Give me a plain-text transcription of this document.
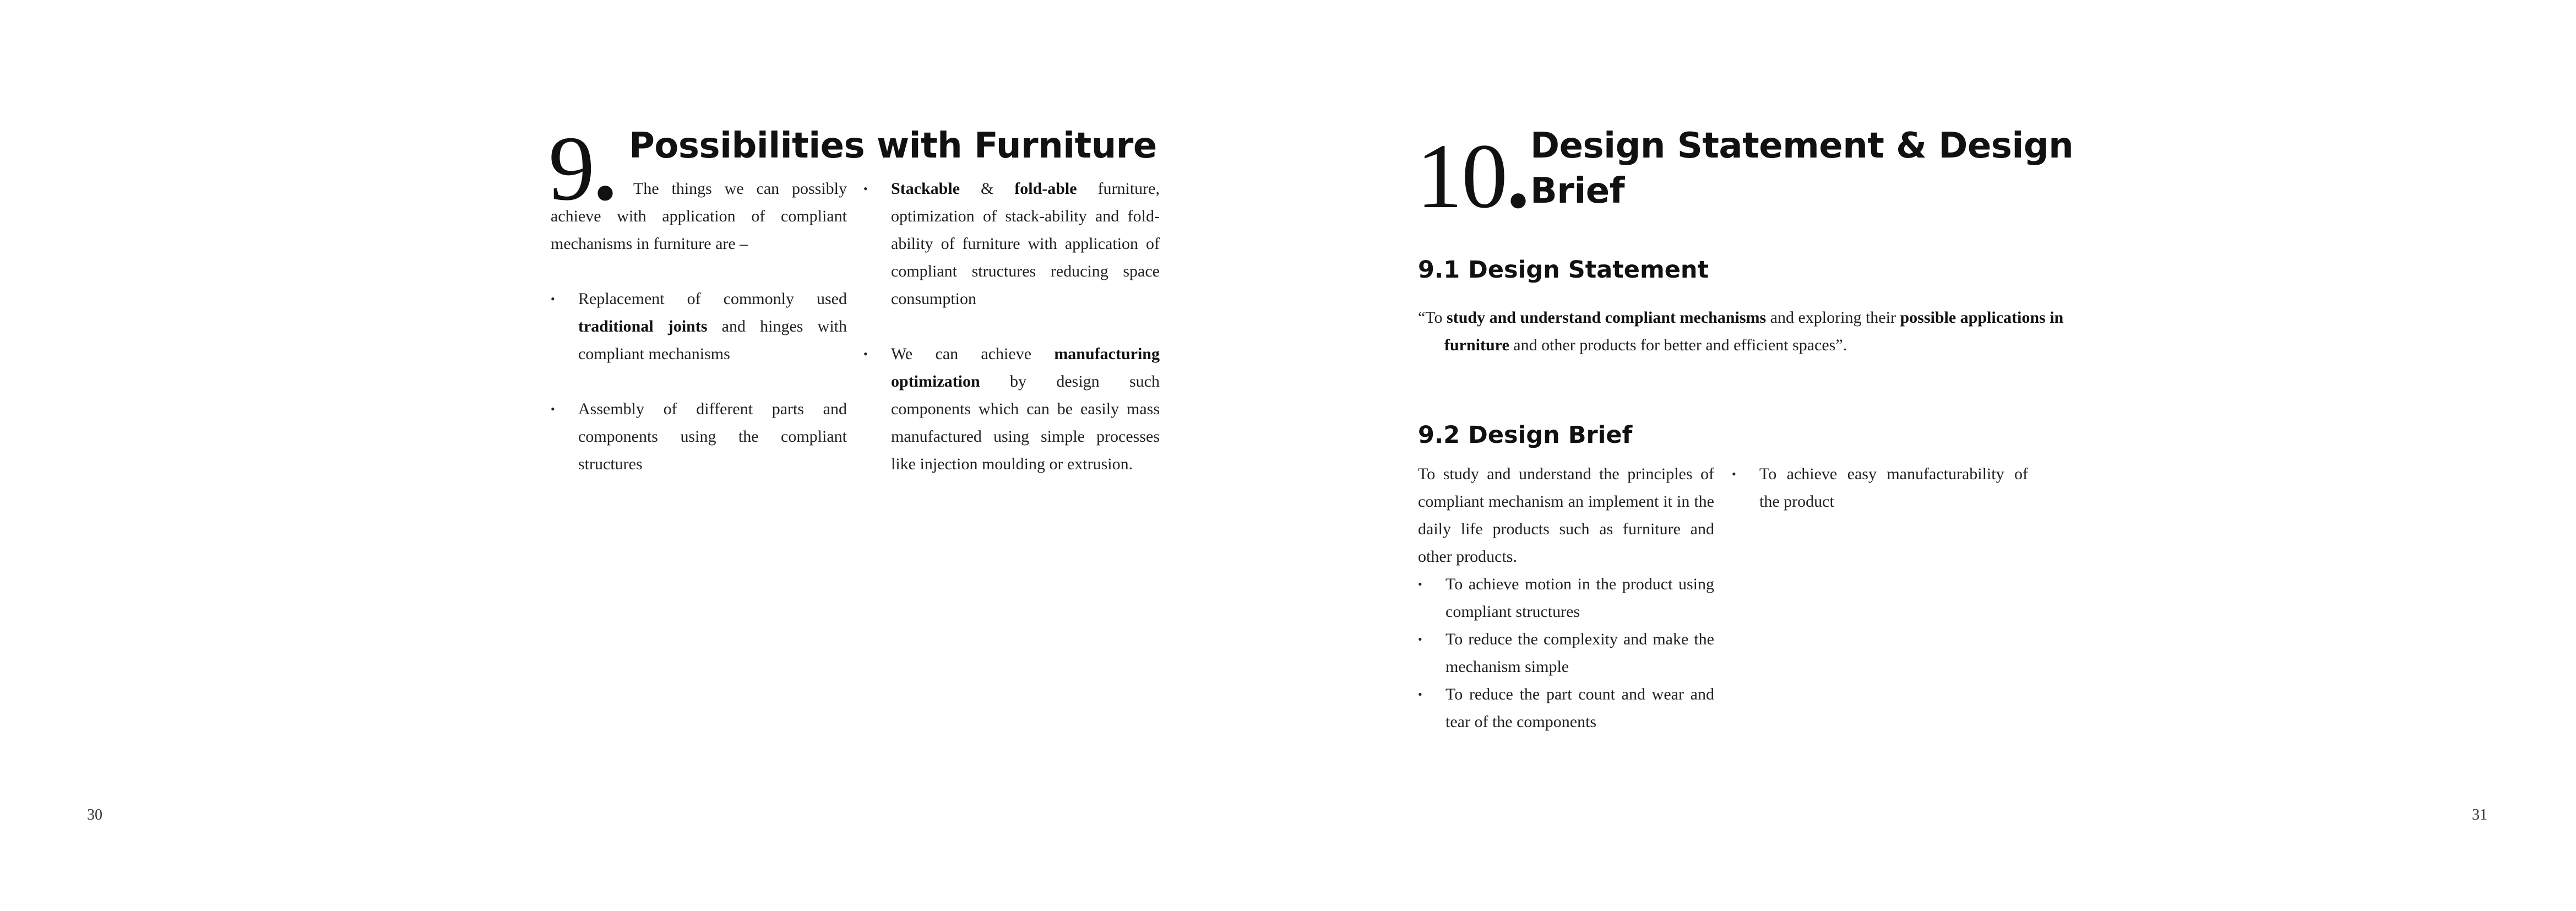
9. Possibilities with Furniture

The things we can possibly achieve with application of compliant mechanisms in furniture are –

• Replacement of commonly used traditional joints and hinges with compliant mechanisms
• Assembly of different parts and components using the compliant structures
• Stackable & fold-able furniture, optimization of stack-ability and fold-ability of furniture with application of compliant structures reducing space consumption
• We can achieve manufacturing optimization by design such components which can be easily mass manufactured using simple processes like injection moulding or extrusion.
30
10. Design Statement & Design
Brief
9.1 Design Statement
“To study and understand compliant mechanisms and exploring their possible applications in furniture and other products for better and efficient spaces”.
9.2 Design Brief

To study and understand the principles of compliant mechanism an implement it in the daily life products such as furniture and other products.

• To achieve motion in the product using compliant structures
• To reduce the complexity and make the mechanism simple
• To reduce the part count and wear and tear of the components
• To achieve easy manufacturability of the product
31
